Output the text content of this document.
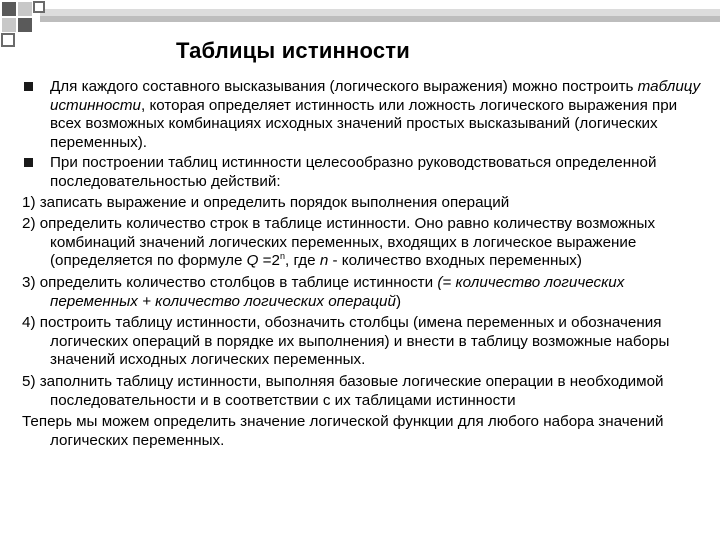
Таблицы истинности

Для каждого составного высказывания (логического выражения) можно построить таблицу истинности, которая определяет истинность или ложность логического выражения при всех возможных комбинациях исходных значений простых высказываний (логических переменных).

При построении таблиц истинности целесообразно руководствоваться определенной последовательностью действий:

1) записать выражение и определить порядок выполнения операций

2) определить количество строк в таблице истинности. Оно равно количеству возможных комбинаций значений логических переменных, входящих в логическое выражение (определяется по формуле $Q =2^n$, где n - количество входных переменных)

3) определить количество столбцов в таблице истинности (= количество логических переменных + количество логических операций)

4) построить таблицу истинности, обозначить столбцы (имена переменных и обозначения логических операций в порядке их выполнения) и внести в таблицу возможные наборы значений исходных логических переменных.

5) заполнить таблицу истинности, выполняя базовые логические операции в необходимой последовательности и в соответствии с их таблицами истинности

Теперь мы можем определить значение логической функции для любого набора значений логических переменных.
